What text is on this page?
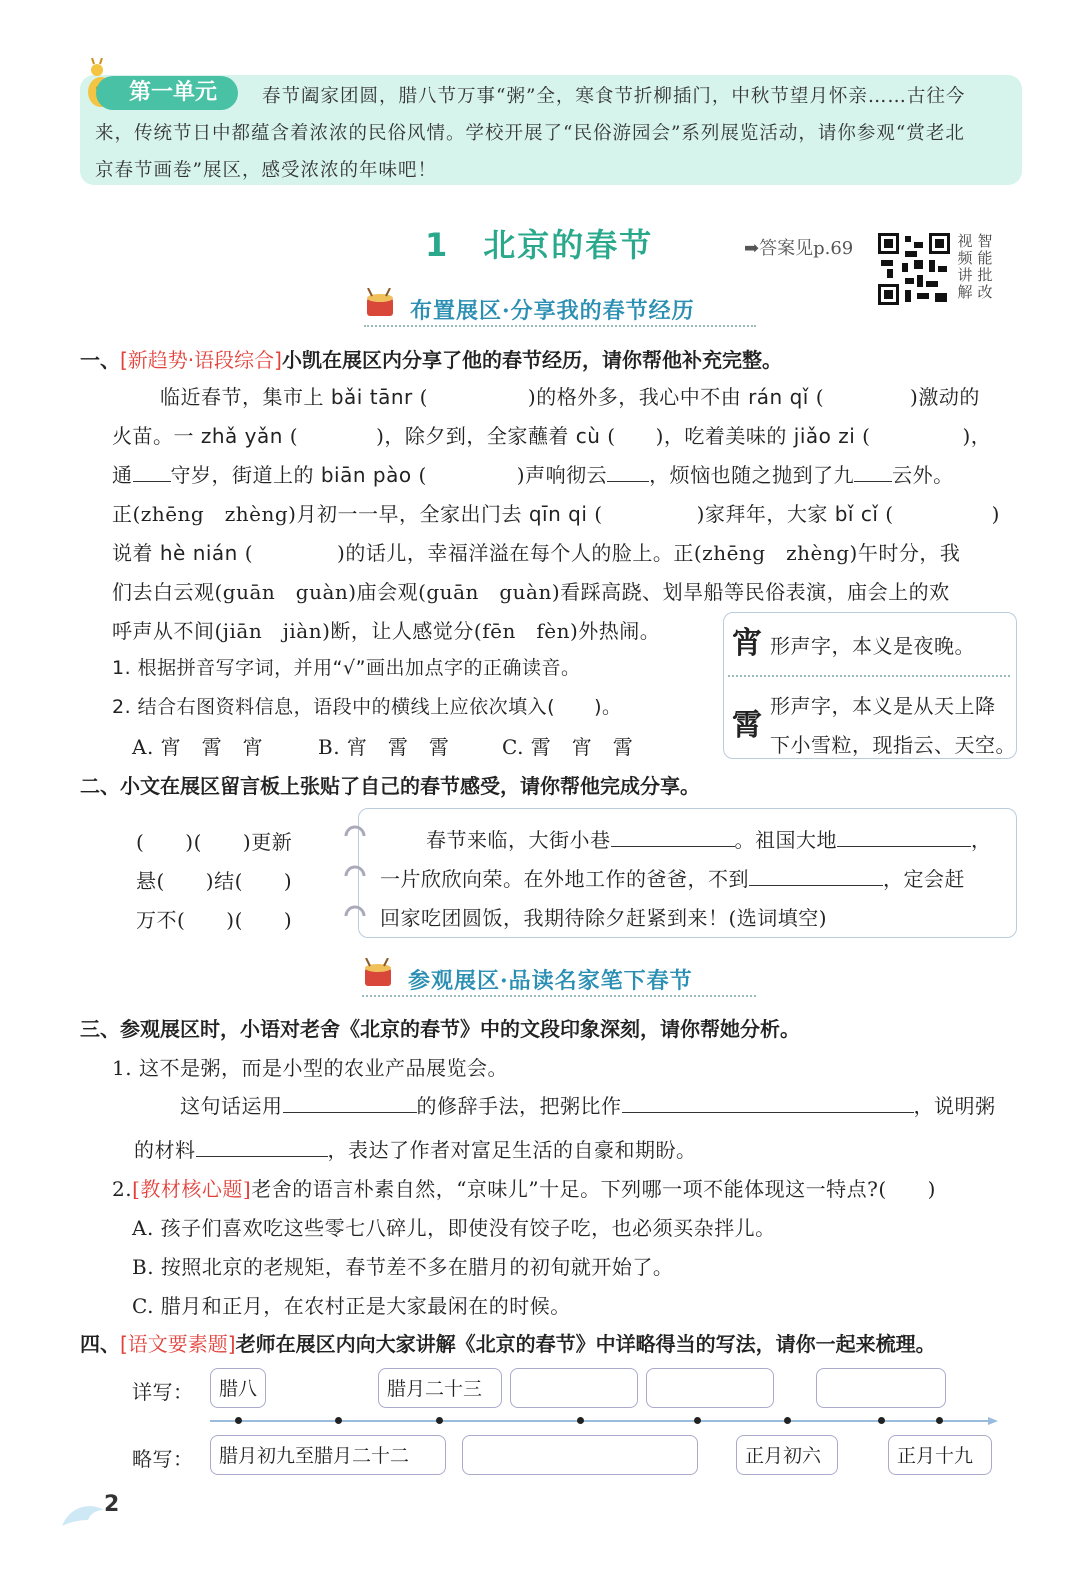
第一单元	春节阖家团圆，腊八节万事“粥”全，寒食节折柳插门，中秋节望月怀亲……古往今
来，传统节日中都蕴含着浓浓的民俗风情。学校开展了“民俗游园会”系列展览活动，请你参观“赏老北
京春节画卷”展区，感受浓浓的年味吧！
1　北京的春节	➡答案见p.69	视频讲解
智能批改
布置展区·分享我的春节经历
一、[新趋势·语段综合]小凯在展区内分享了他的春节经历，请你帮他补充完整。
临近春节，集市上 bǎi tānr (	)的格外多，我心中不由 rán qǐ (	)激动的
火苗。一 zhǎ yǎn (	)，除夕到，全家蘸着 cù ( )，吃着美味的 jiǎo zi (	)，
通 守岁，街道上的 biān pào (	)声响彻云 ，烦恼也随之抛到了九 云外。
正(zhēng　zhèng)月初一一早，全家出门去 qīn qi (	)家拜年，大家 bǐ cǐ (	)
说着 hè nián (	)的话儿，幸福洋溢在每个人的脸上。正(zhēng　zhèng)午时分，我
们去白云观(guān　guàn)庙会观(guān　guàn)看踩高跷、划旱船等民俗表演，庙会上的欢
呼声从不间(jiān　jiàn)断，让人感觉分(fēn　fèn)外热闹。
1. 根据拼音写字词，并用“√”画出加点字的正确读音。
2. 结合右图资料信息，语段中的横线上应依次填入(　　)。
A. 宵　霄　宵	B. 宵　霄　霄	C. 霄　宵　霄
宵 形声字，本义是夜晚。
霄
形声字，本义是从天上降
下小雪粒，现指云、天空。
二、小文在展区留言板上张贴了自己的春节感受，请你帮他完成分享。
(　　)(　　)更新
悬(　　)结(　　)
万不(　　)(　　)
春节来临，大街小巷	。祖国大地	，
一片欣欣向荣。在外地工作的爸爸，不到	，定会赶
回家吃团圆饭，我期待除夕赶紧到来！(选词填空)
参观展区·品读名家笔下春节
三、参观展区时，小语对老舍《北京的春节》中的文段印象深刻，请你帮她分析。
1. 这不是粥，而是小型的农业产品展览会。
这句话运用	的修辞手法，把粥比作	，说明粥
的材料	，表达了作者对富足生活的自豪和期盼。
2.[教材核心题]老舍的语言朴素自然，“京味儿”十足。下列哪一项不能体现这一特点?(　　)
A. 孩子们喜欢吃这些零七八碎儿，即使没有饺子吃，也必须买杂拌儿。
B. 按照北京的老规矩，春节差不多在腊月的初旬就开始了。
C. 腊月和正月，在农村正是大家最闲在的时候。
四、[语文要素题]老师在展区内向大家讲解《北京的春节》中详略得当的写法，请你一起来梳理。
详写：
略写：
腊八	腊月二十三
腊月初九至腊月二十二	正月初六	正月十九
2
